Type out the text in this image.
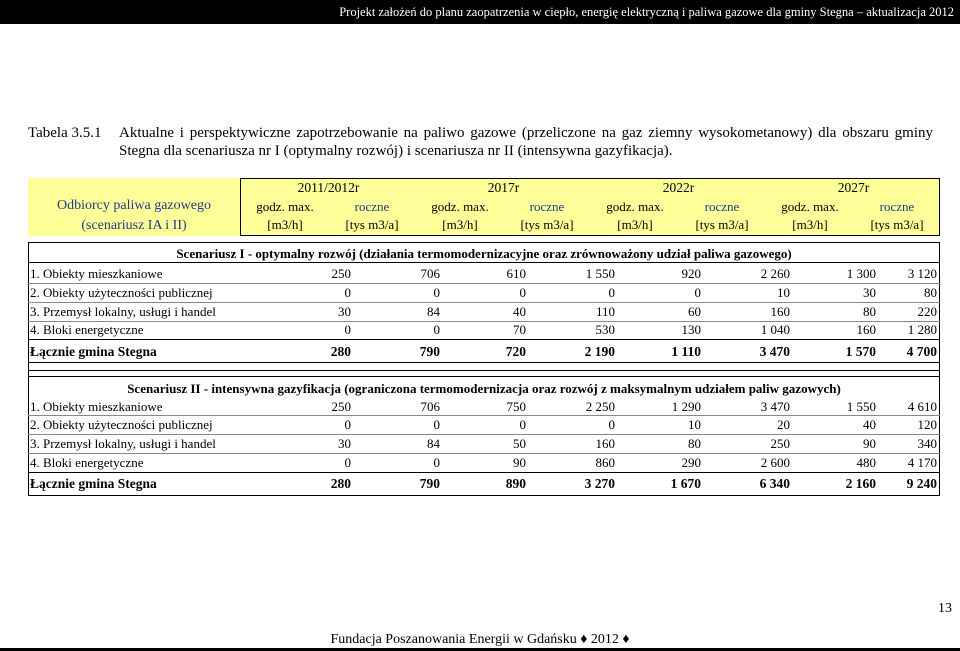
Projekt założeń do planu zaopatrzenia w ciepło, energię elektryczną i paliwa gazowe dla gminy Stegna – aktualizacja 2012
Tabela 3.5.1 Aktualne i perspektywiczne zapotrzebowanie na paliwo gazowe (przeliczone na gaz ziemny wysokometanowy) dla obszaru gminy Stegna dla scenariusza nr I (optymalny rozwój) i scenariusza nr II (intensywna gazyfikacja).
Odbiorcy paliwa gazowego
(scenariusz IA i II)
2011/2012r	2017r	2022r	2027r
godz. max.	roczne	godz. max.	roczne	godz. max.	roczne	godz. max.	roczne
[m3/h]	[tys m3/a]	[m3/h]	[tys m3/a]	[m3/h]	[tys m3/a]	[m3/h]	[tys m3/a]
Scenariusz I - optymalny rozwój (działania termomodernizacyjne oraz zrównoważony udział paliwa gazowego)
1. Obiekty mieszkaniowe	250	706	610	1 550	920	2 260	1 300	3 120
2. Obiekty użyteczności publicznej	0	0	0	0	0	10	30	80
3. Przemysł lokalny, usługi i handel	30	84	40	110	60	160	80	220
4. Bloki energetyczne	0	0	70	530	130	1 040	160	1 280
Łącznie gmina Stegna	280	790	720	2 190	1 110	3 470	1 570	4 700
Scenariusz II - intensywna gazyfikacja (ograniczona termomodernizacja oraz rozwój z maksymalnym udziałem paliw gazowych)
1. Obiekty mieszkaniowe	250	706	750	2 250	1 290	3 470	1 550	4 610
2. Obiekty użyteczności publicznej	0	0	0	0	10	20	40	120
3. Przemysł lokalny, usługi i handel	30	84	50	160	80	250	90	340
4. Bloki energetyczne	0	0	90	860	290	2 600	480	4 170
Łącznie gmina Stegna	280	790	890	3 270	1 670	6 340	2 160	9 240
13
Fundacja Poszanowania Energii w Gdańsku ♦ 2012 ♦
